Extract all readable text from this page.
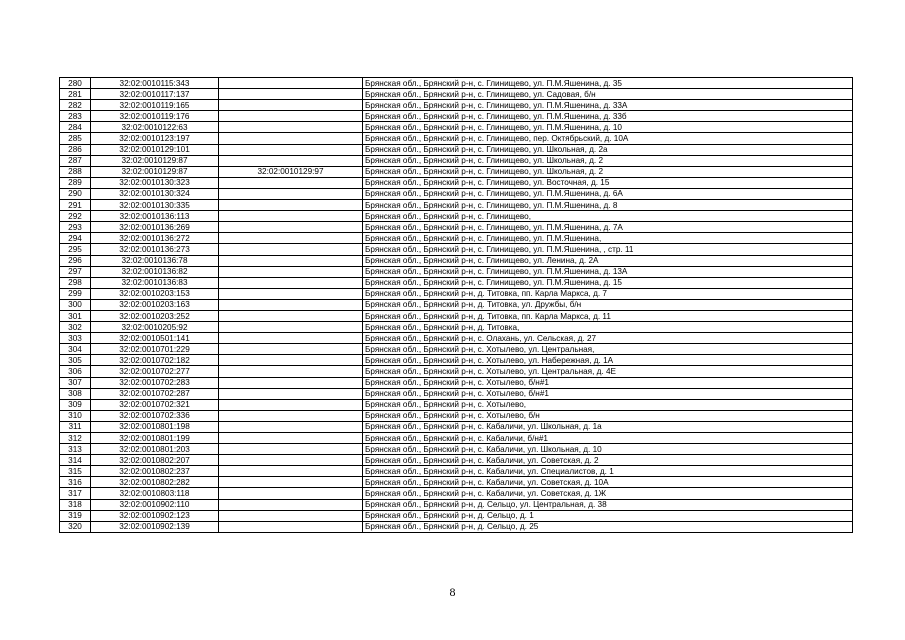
280	32:02:0010115:343		Брянская обл., Брянский р-н, с. Глинищево, ул. П.М.Яшенина, д. 35
281	32:02:0010117:137		Брянская обл., Брянский р-н, с. Глинищево, ул. Садовая, б/н
282	32:02:0010119:165		Брянская обл., Брянский р-н, с. Глинищево, ул. П.М.Яшенина, д. 33А
283	32:02:0010119:176		Брянская обл., Брянский р-н, с. Глинищево, ул. П.М.Яшенина, д. 33б
284	32:02:0010122:63		Брянская обл., Брянский р-н, с. Глинищево, ул. П.М.Яшенина, д. 10
285	32:02:0010123:197		Брянская обл., Брянский р-н, с. Глинищево, пер. Октябрьский, д. 10А
286	32:02:0010129:101		Брянская обл., Брянский р-н, с. Глинищево, ул. Школьная, д. 2а
287	32:02:0010129:87		Брянская обл., Брянский р-н, с. Глинищево, ул. Школьная, д. 2
288	32:02:0010129:87	32:02:0010129:97	Брянская обл., Брянский р-н, с. Глинищево, ул. Школьная, д. 2
289	32:02:0010130:323		Брянская обл., Брянский р-н, с. Глинищево, ул. Восточная, д. 15
290	32:02:0010130:324		Брянская обл., Брянский р-н, с. Глинищево, ул. П.М.Яшенина, д. 6А
291	32:02:0010130:335		Брянская обл., Брянский р-н, с. Глинищево, ул. П.М.Яшенина, д. 8
292	32:02:0010136:113		Брянская обл., Брянский р-н, с. Глинищево,
293	32:02:0010136:269		Брянская обл., Брянский р-н, с. Глинищево, ул. П.М.Яшенина, д. 7А
294	32:02:0010136:272		Брянская обл., Брянский р-н, с. Глинищево, ул. П.М.Яшенина,
295	32:02:0010136:273		Брянская обл., Брянский р-н, с. Глинищево, ул. П.М.Яшенина, , стр. 11
296	32:02:0010136:78		Брянская обл., Брянский р-н, с. Глинищево, ул. Ленина, д. 2А
297	32:02:0010136:82		Брянская обл., Брянский р-н, с. Глинищево, ул. П.М.Яшенина, д. 13А
298	32:02:0010136:83		Брянская обл., Брянский р-н, с. Глинищево, ул. П.М.Яшенина, д. 15
299	32:02:0010203:153		Брянская обл., Брянский р-н, д. Титовка, пп. Карла Маркса, д. 7
300	32:02:0010203:163		Брянская обл., Брянский р-н, д. Титовка, ул. Дружбы, б/н
301	32:02:0010203:252		Брянская обл., Брянский р-н, д. Титовка, пп. Карла Маркса, д. 11
302	32:02:0010205:92		Брянская обл., Брянский р-н, д. Титовка,
303	32:02:0010501:141		Брянская обл., Брянский р-н, с. Олахань, ул. Сельская, д. 27
304	32:02:0010701:229		Брянская обл., Брянский р-н, с. Хотылево, ул. Центральная,
305	32:02:0010702:182		Брянская обл., Брянский р-н, с. Хотылево, ул. Набережная, д. 1А
306	32:02:0010702:277		Брянская обл., Брянский р-н, с. Хотылево, ул. Центральная, д. 4Е
307	32:02:0010702:283		Брянская обл., Брянский р-н, с. Хотылево, б/н#1
308	32:02:0010702:287		Брянская обл., Брянский р-н, с. Хотылево, б/н#1
309	32:02:0010702:321		Брянская обл., Брянский р-н, с. Хотылево,
310	32:02:0010702:336		Брянская обл., Брянский р-н, с. Хотылево, б/н
311	32:02:0010801:198		Брянская обл., Брянский р-н, с. Кабаличи, ул. Школьная, д. 1а
312	32:02:0010801:199		Брянская обл., Брянский р-н, с. Кабаличи, б/н#1
313	32:02:0010801:203		Брянская обл., Брянский р-н, с. Кабаличи, ул. Школьная, д. 10
314	32:02:0010802:207		Брянская обл., Брянский р-н, с. Кабаличи, ул. Советская, д. 2
315	32:02:0010802:237		Брянская обл., Брянский р-н, с. Кабаличи, ул. Специалистов, д. 1
316	32:02:0010802:282		Брянская обл., Брянский р-н, с. Кабаличи, ул. Советская, д. 10А
317	32:02:0010803:118		Брянская обл., Брянский р-н, с. Кабаличи, ул. Советская, д. 1Ж
318	32:02:0010902:110		Брянская обл., Брянский р-н, д. Сельцо, ул. Центральная, д. 38
319	32:02:0010902:123		Брянская обл., Брянский р-н, д. Сельцо, д. 1
320	32:02:0010902:139		Брянская обл., Брянский р-н, д. Сельцо, д. 25
8
